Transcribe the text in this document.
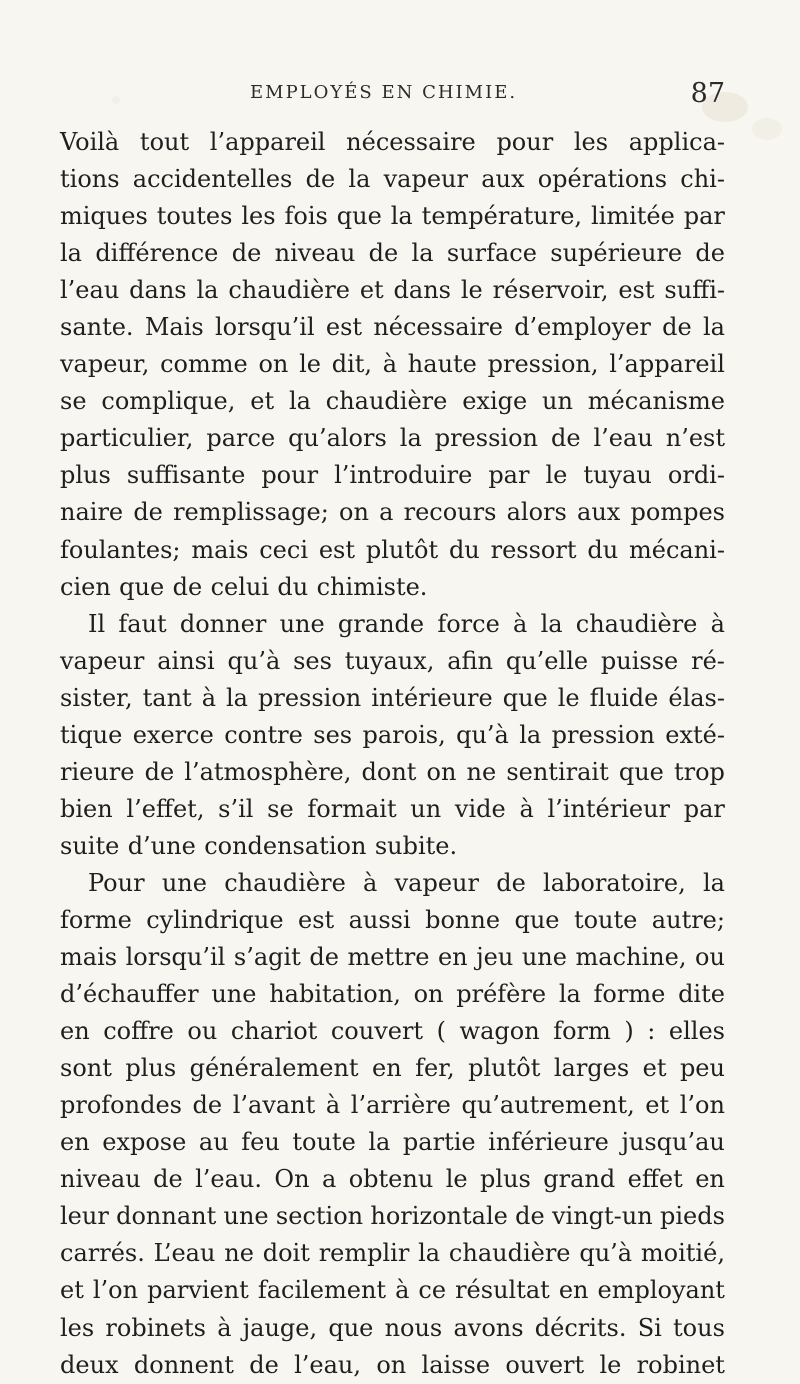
EMPLOYÉS EN CHIMIE.	87
Voilà tout l’appareil nécessaire pour les applica-
tions accidentelles de la vapeur aux opérations chi-
miques toutes les fois que la température, limitée par
la différence de niveau de la surface supérieure de
l’eau dans la chaudière et dans le réservoir, est suffi-
sante. Mais lorsqu’il est nécessaire d’employer de la
vapeur, comme on le dit, à haute pression, l’appareil
se complique, et la chaudière exige un mécanisme
particulier, parce qu’alors la pression de l’eau n’est
plus suffisante pour l’introduire par le tuyau ordi-
naire de remplissage; on a recours alors aux pompes
foulantes; mais ceci est plutôt du ressort du mécani-
cien que de celui du chimiste.
Il faut donner une grande force à la chaudière à
vapeur ainsi qu’à ses tuyaux, afin qu’elle puisse ré-
sister, tant à la pression intérieure que le fluide élas-
tique exerce contre ses parois, qu’à la pression exté-
rieure de l’atmosphère, dont on ne sentirait que trop
bien l’effet, s’il se formait un vide à l’intérieur par
suite d’une condensation subite.
Pour une chaudière à vapeur de laboratoire, la
forme cylindrique est aussi bonne que toute autre;
mais lorsqu’il s’agit de mettre en jeu une machine, ou
d’échauffer une habitation, on préfère la forme dite
en coffre ou chariot couvert ( wagon form ) : elles
sont plus généralement en fer, plutôt larges et peu
profondes de l’avant à l’arrière qu’autrement, et l’on
en expose au feu toute la partie inférieure jusqu’au
niveau de l’eau. On a obtenu le plus grand effet en
leur donnant une section horizontale de vingt-un pieds
carrés. L’eau ne doit remplir la chaudière qu’à moitié,
et l’on parvient facilement à ce résultat en employant
les robinets à jauge, que nous avons décrits. Si tous
deux donnent de l’eau, on laisse ouvert le robinet
